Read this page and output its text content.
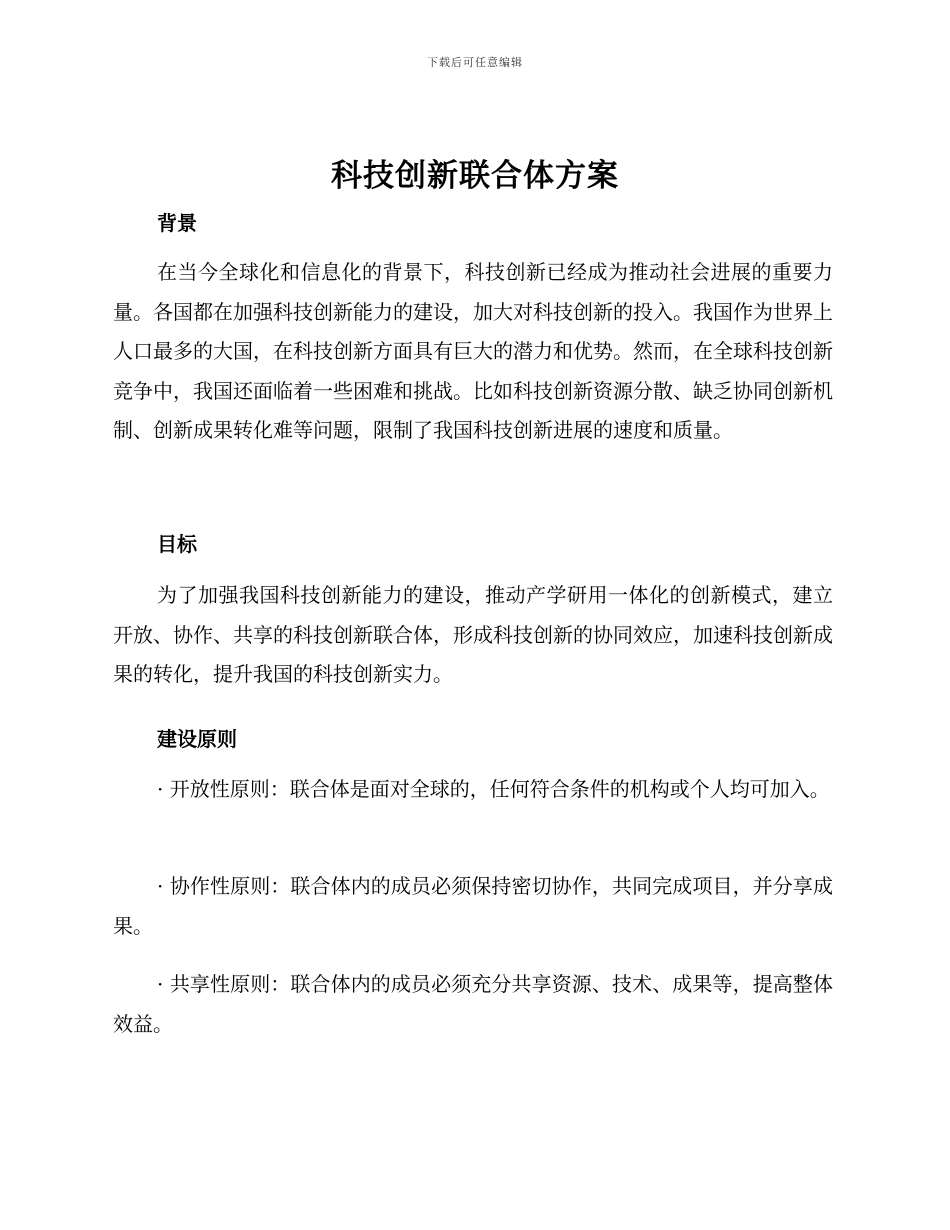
下载后可任意编辑
科技创新联合体方案
背景

在当今全球化和信息化的背景下，科技创新已经成为推动社会进展的重要力量。各国都在加强科技创新能力的建设，加大对科技创新的投入。我国作为世界上人口最多的大国，在科技创新方面具有巨大的潜力和优势。然而，在全球科技创新竞争中，我国还面临着一些困难和挑战。比如科技创新资源分散、缺乏协同创新机制、创新成果转化难等问题，限制了我国科技创新进展的速度和质量。

目标

为了加强我国科技创新能力的建设，推动产学研用一体化的创新模式，建立开放、协作、共享的科技创新联合体，形成科技创新的协同效应，加速科技创新成果的转化，提升我国的科技创新实力。

建设原则

· 开放性原则：联合体是面对全球的，任何符合条件的机构或个人均可加入。

· 协作性原则：联合体内的成员必须保持密切协作，共同完成项目，并分享成果。

· 共享性原则：联合体内的成员必须充分共享资源、技术、成果等，提高整体效益。
